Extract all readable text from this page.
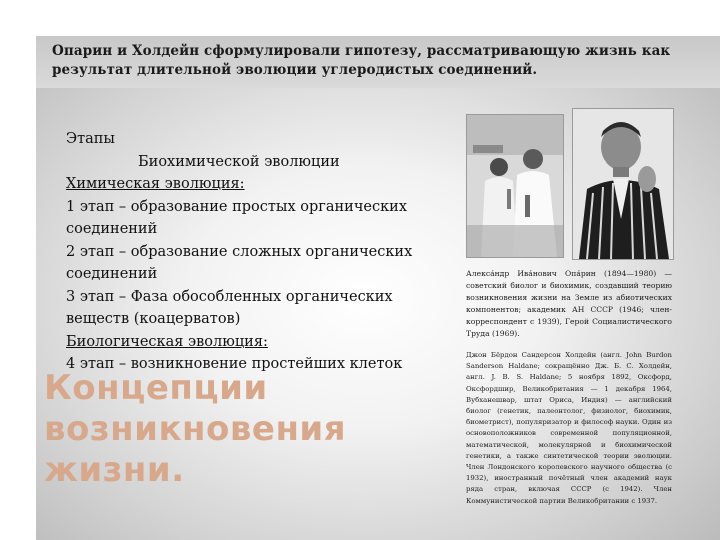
Опарин и Холдейн сформулировали гипотезу, рассматривающую жизнь как
результат длительной эволюции углеродистых соединений.
Этапы
Биохимической эволюции
Химическая эволюция:
1 этап – образование простых органических
соединений
2 этап – образование сложных органических
соединений
3 этап – Фаза обособленных органических
веществ (коацерватов)
Биологическая эволюция:
4 этап – возникновение простейших клеток
Концепции
возникновения
жизни.
Алекса́ндр Ива́нович Опа́рин (1894—1980) — советский биолог и биохимик, создавший теорию возникновения жизни на Земле из абиотических компонентов; академик АН СССР (1946; член-корреспондент с 1939), Герой Социалистического Труда (1969).
Джон Бёрдон Сандерсон Холдейн (англ. John Burdon Sanderson Haldane; сокращённо Дж. Б. С. Холдейн, англ. J. B. S. Haldane; 5 ноября 1892, Оксфорд, Оксфордшир, Великобритания — 1 декабря 1964, Вубханешвар, штат Ориса, Индия) — английский биолог (генетик, палеонтолог, физиолог, биохимик, биометрист), популяризатор и философ науки. Один из основоположников современной популяционной, математической, молекулярной и биохимической генетики, а также синтетической теории эволюции. Член Лондонского королевского научного общества (с 1932), иностранный почётный член академий наук ряда стран, включая СССР (с 1942). Член Коммунистической партии Великобритании с 1937.
